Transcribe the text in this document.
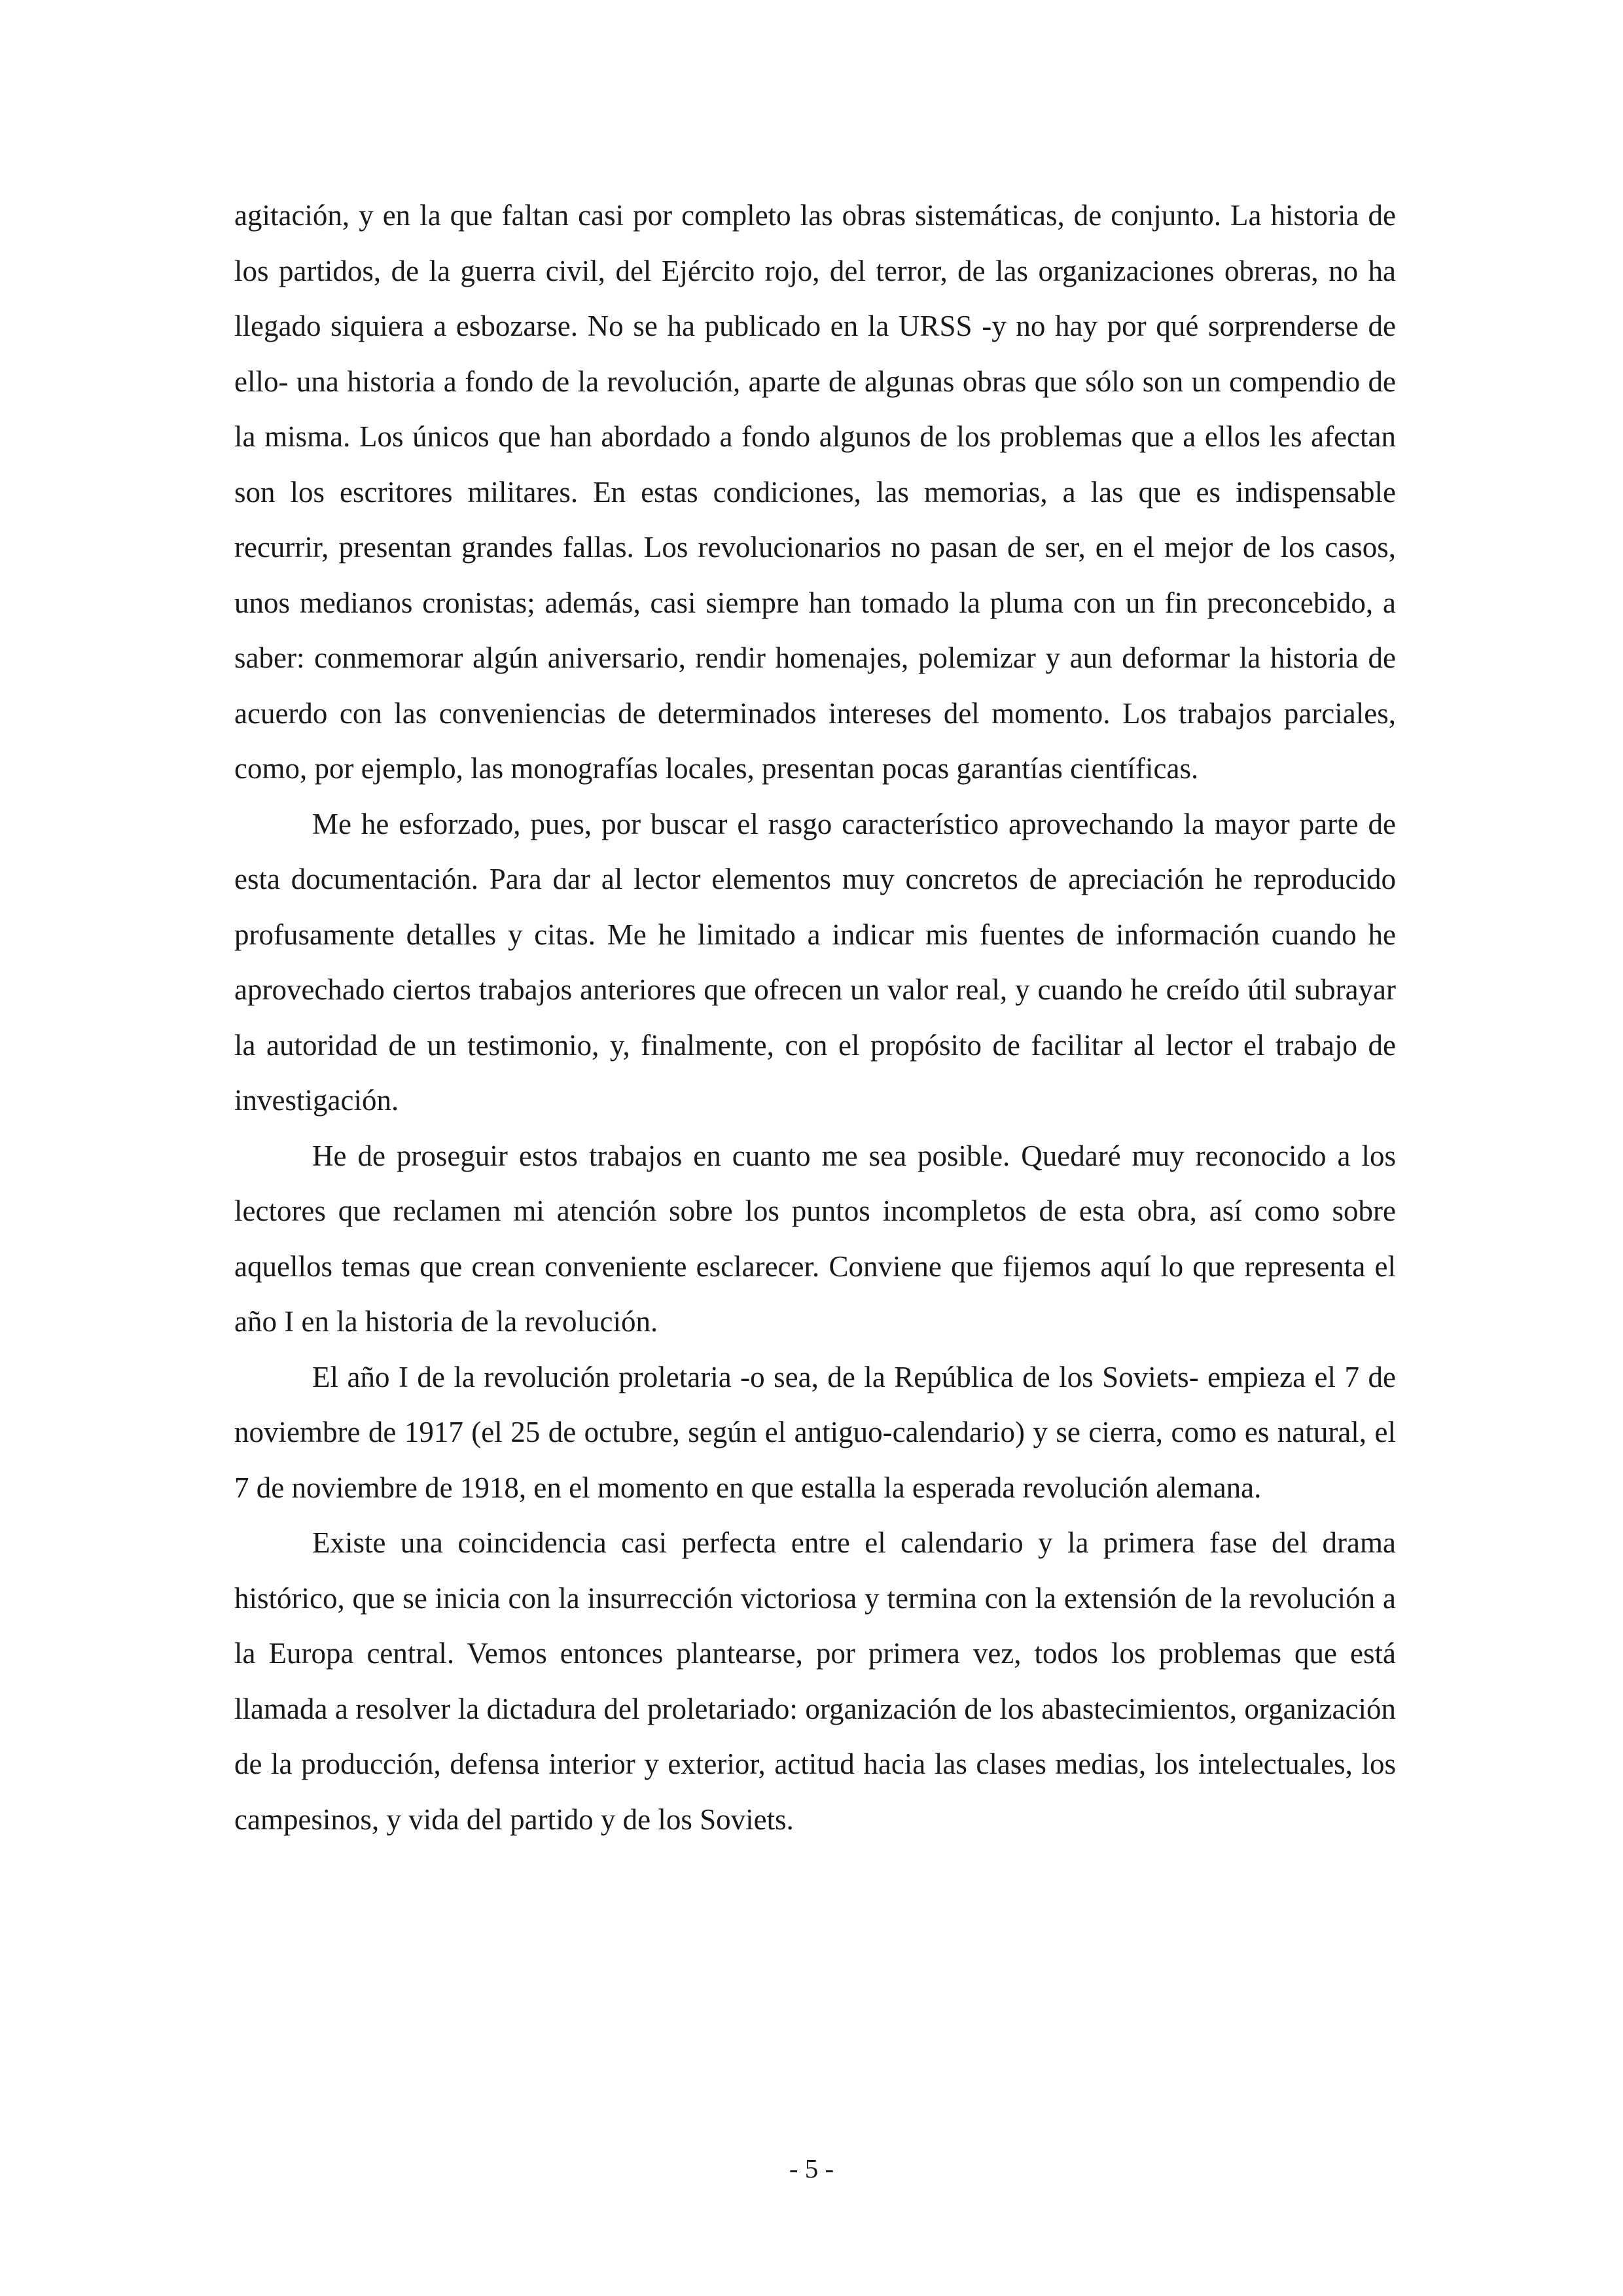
agitación, y en la que faltan casi por completo las obras sistemáticas, de conjunto. La historia de los partidos, de la guerra civil, del Ejército rojo, del terror, de las organizaciones obreras, no ha llegado siquiera a esbozarse. No se ha publicado en la URSS -y no hay por qué sorprenderse de ello- una historia a fondo de la revolución, aparte de algunas obras que sólo son un compendio de la misma. Los únicos que han abordado a fondo algunos de los problemas que a ellos les afectan son los escritores militares. En estas condiciones, las memorias, a las que es indispensable recurrir, presentan grandes fallas. Los revolucionarios no pasan de ser, en el mejor de los casos, unos medianos cronistas; además, casi siempre han tomado la pluma con un fin preconcebido, a saber: conmemorar algún aniversario, rendir homenajes, polemizar y aun deformar la historia de acuerdo con las conveniencias de determinados intereses del momento. Los trabajos parciales, como, por ejemplo, las monografías locales, presentan pocas garantías científicas.

Me he esforzado, pues, por buscar el rasgo característico aprovechando la mayor parte de esta documentación. Para dar al lector elementos muy concretos de apreciación he reproducido profusamente detalles y citas. Me he limitado a indicar mis fuentes de información cuando he aprovechado ciertos trabajos anteriores que ofrecen un valor real, y cuando he creído útil subrayar la autoridad de un testimonio, y, finalmente, con el propósito de facilitar al lector el trabajo de investigación.

He de proseguir estos trabajos en cuanto me sea posible. Quedaré muy reconocido a los lectores que reclamen mi atención sobre los puntos incompletos de esta obra, así como sobre aquellos temas que crean conveniente esclarecer. Conviene que fijemos aquí lo que representa el año I en la historia de la revolución.

El año I de la revolución proletaria -o sea, de la República de los Soviets- empieza el 7 de noviembre de 1917 (el 25 de octubre, según el antiguo-calendario) y se cierra, como es natural, el 7 de noviembre de 1918, en el momento en que estalla la esperada revolución alemana.

Existe una coincidencia casi perfecta entre el calendario y la primera fase del drama histórico, que se inicia con la insurrección victoriosa y termina con la extensión de la revolución a la Europa central. Vemos entonces plantearse, por primera vez, todos los problemas que está llamada a resolver la dictadura del proletariado: organización de los abastecimientos, organización de la producción, defensa interior y exterior, actitud hacia las clases medias, los intelectuales, los campesinos, y vida del partido y de los Soviets.

- 5 -
